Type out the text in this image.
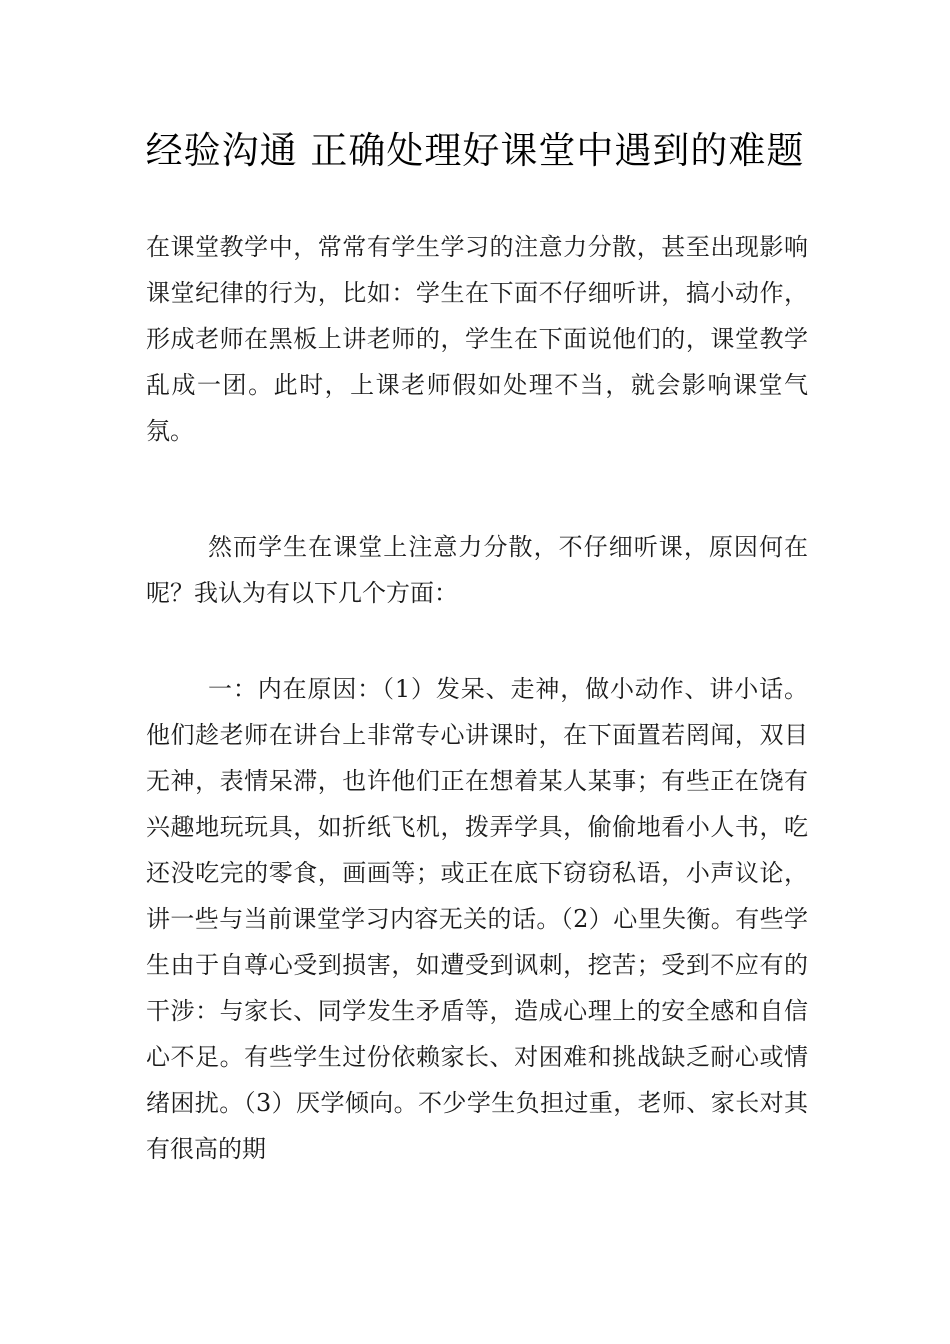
经验沟通 正确处理好课堂中遇到的难题

在课堂教学中，常常有学生学习的注意力分散，甚至出现影响课堂纪律的行为，比如：学生在下面不仔细听讲，搞小动作，形成老师在黑板上讲老师的，学生在下面说他们的，课堂教学乱成一团。此时，上课老师假如处理不当，就会影响课堂气氛。

然而学生在课堂上注意力分散，不仔细听课，原因何在呢？我认为有以下几个方面：

一：内在原因：（1）发呆、走神，做小动作、讲小话。他们趁老师在讲台上非常专心讲课时，在下面置若罔闻，双目无神，表情呆滞，也许他们正在想着某人某事；有些正在饶有兴趣地玩玩具，如折纸飞机，拨弄学具，偷偷地看小人书，吃还没吃完的零食，画画等；或正在底下窃窃私语，小声议论，讲一些与当前课堂学习内容无关的话。（2）心里失衡。有些学生由于自尊心受到损害，如遭受到讽刺，挖苦；受到不应有的干涉：与家长、同学发生矛盾等，造成心理上的安全感和自信心不足。有些学生过份依赖家长、对困难和挑战缺乏耐心或情绪困扰。（3）厌学倾向。不少学生负担过重，老师、家长对其有很高的期
